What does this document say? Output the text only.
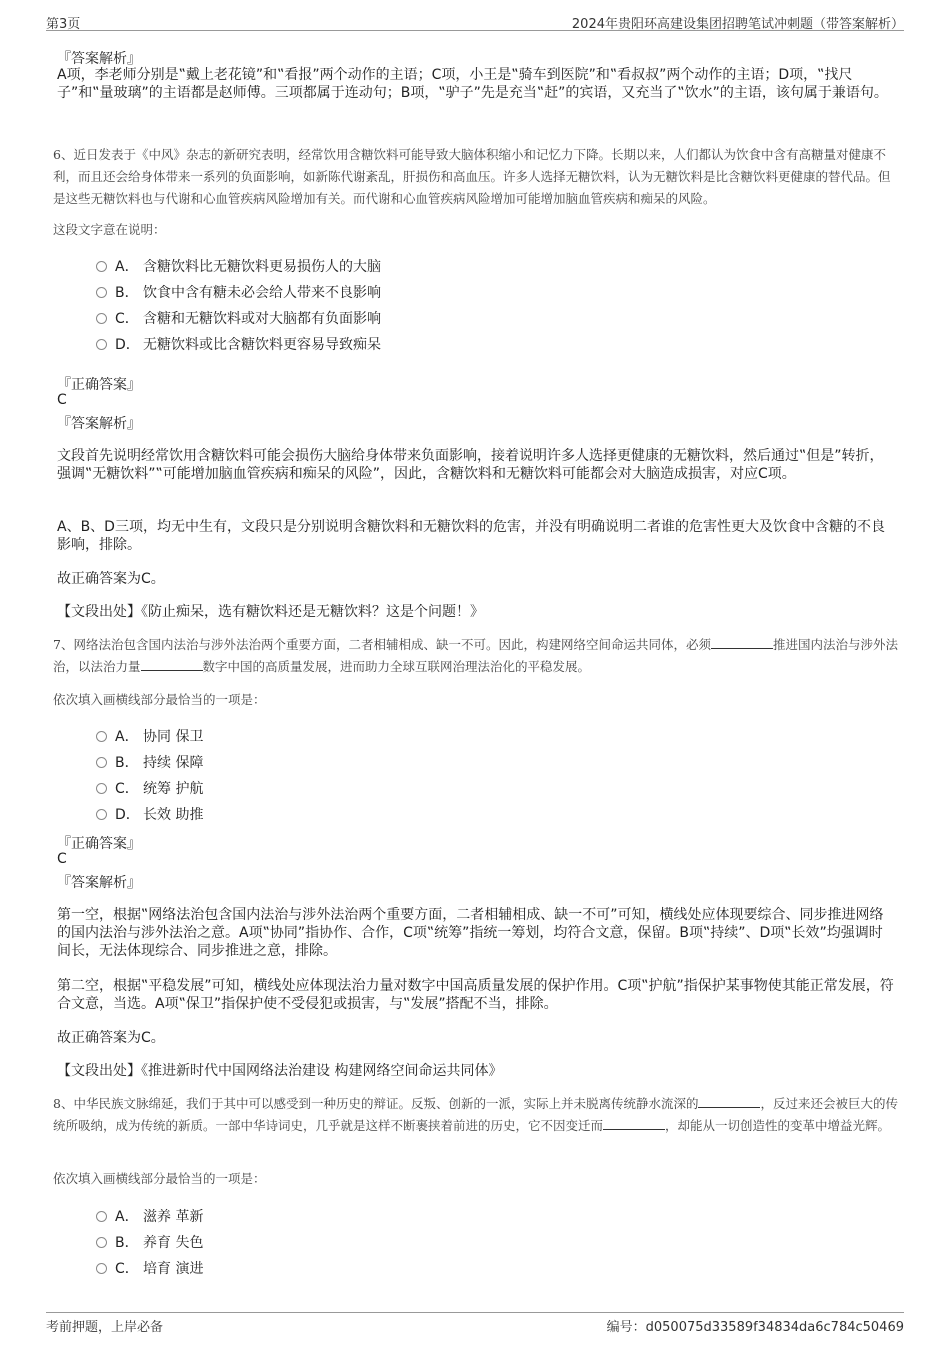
第3页	2024年贵阳环高建设集团招聘笔试冲刺题（带答案解析）
『答案解析』
A项，李老师分别是‟戴上老花镜”和‟看报”两个动作的主语；C项，小王是‟骑车到医院”和‟看叔叔”两个动作的主语；D项，‟找尺子”和‟量玻璃”的主语都是赵师傅。三项都属于连动句；B项，‟驴子”先是充当‟赶”的宾语，又充当了‟饮水”的主语，该句属于兼语句。
6、近日发表于《中风》杂志的新研究表明，经常饮用含糖饮料可能导致大脑体积缩小和记忆力下降。长期以来，人们都认为饮食中含有高糖量对健康不利，而且还会给身体带来一系列的负面影响，如新陈代谢紊乱，肝损伤和高血压。许多人选择无糖饮料，认为无糖饮料是比含糖饮料更健康的替代品。但是这些无糖饮料也与代谢和心血管疾病风险增加有关。而代谢和心血管疾病风险增加可能增加脑血管疾病和痴呆的风险。
这段文字意在说明：
A． 含糖饮料比无糖饮料更易损伤人的大脑
B． 饮食中含有糖未必会给人带来不良影响
C． 含糖和无糖饮料或对大脑都有负面影响
D． 无糖饮料或比含糖饮料更容易导致痴呆
『正确答案』
C
『答案解析』
文段首先说明经常饮用含糖饮料可能会损伤大脑给身体带来负面影响，接着说明许多人选择更健康的无糖饮料，然后通过‟但是”转折，强调‟无糖饮料”‟可能增加脑血管疾病和痴呆的风险”，因此，含糖饮料和无糖饮料可能都会对大脑造成损害，对应C项。
A、B、D三项，均无中生有，文段只是分别说明含糖饮料和无糖饮料的危害，并没有明确说明二者谁的危害性更大及饮食中含糖的不良影响，排除。
故正确答案为C。
【文段出处】《防止痴呆，选有糖饮料还是无糖饮料？这是个问题！》
7、网络法治包含国内法治与涉外法治两个重要方面，二者相辅相成、缺一不可。因此，构建网络空间命运共同体，必须	推进国内法治与涉外法治，以法治力量	数字中国的高质量发展，进而助力全球互联网治理法治化的平稳发展。
依次填入画横线部分最恰当的一项是：
A． 协同 保卫
B． 持续 保障
C． 统筹 护航
D． 长效 助推
『正确答案』
C
『答案解析』
第一空，根据‟网络法治包含国内法治与涉外法治两个重要方面，二者相辅相成、缺一不可”可知，横线处应体现要综合、同步推进网络的国内法治与涉外法治之意。A项‟协同”指协作、合作，C项‟统筹”指统一筹划，均符合文意，保留。B项‟持续”、D项‟长效”均强调时间长，无法体现综合、同步推进之意，排除。
第二空，根据‟平稳发展”可知，横线处应体现法治力量对数字中国高质量发展的保护作用。C项‟护航”指保护某事物使其能正常发展，符合文意，当选。A项‟保卫”指保护使不受侵犯或损害，与‟发展”搭配不当，排除。
故正确答案为C。
【文段出处】《推进新时代中国网络法治建设 构建网络空间命运共同体》
8、中华民族文脉绵延，我们于其中可以感受到一种历史的辩证。反叛、创新的一派，实际上并未脱离传统静水流深的	，反过来还会被巨大的传统所吸纳，成为传统的新质。一部中华诗词史，几乎就是这样不断裹挟着前进的历史，它不因变迁而	，却能从一切创造性的变革中增益光辉。
依次填入画横线部分最恰当的一项是：
A． 滋养 革新
B． 养育 失色
C． 培育 演进
考前押题，上岸必备	编号：d050075d33589f34834da6c784c50469
